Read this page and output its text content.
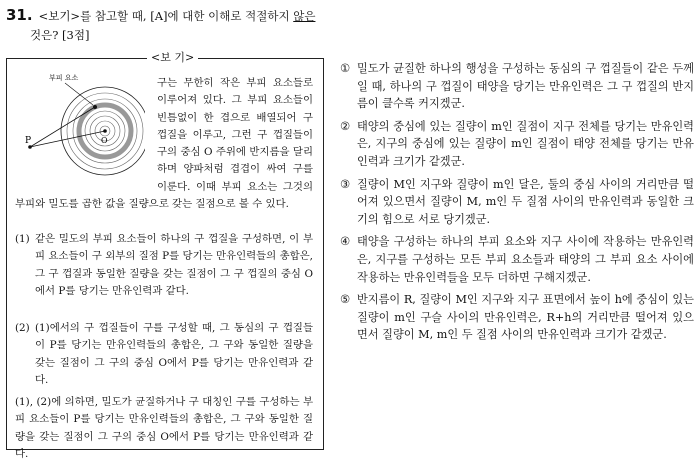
31. <보기>를 참고할 때, [A]에 대한 이해로 적절하지 않은
것은? [3점]
<보 기>
부피 요소
P	O

구는 무한히 작은 부피 요소들로 이루어져 있다. 그 부피 요소들이 빈틈없이 한 겹으로 배열되어 구 껍질을 이루고, 그런 구 껍질들이 구의 중심 O 주위에 반지름을 달리하며 양파처럼 겹겹이 싸여 구를 이룬다. 이때 부피 요소는 그것의 부피와 밀도를 곱한 값을 질량으로 갖는 질점으로 볼 수 있다.

(1) 같은 밀도의 부피 요소들이 하나의 구 껍질을 구성하면, 이 부피 요소들이 구 외부의 질점 P를 당기는 만유인력들의 총합은, 그 구 껍질과 동일한 질량을 갖는 질점이 그 구 껍질의 중심 O에서 P를 당기는 만유인력과 같다.
(2) (1)에서의 구 껍질들이 구를 구성할 때, 그 동심의 구 껍질들이 P를 당기는 만유인력들의 총합은, 그 구와 동일한 질량을 갖는 질점이 그 구의 중심 O에서 P를 당기는 만유인력과 같다.
(1), (2)에 의하면, 밀도가 균질하거나 구 대칭인 구를 구성하는 부피 요소들이 P를 당기는 만유인력들의 총합은, 그 구와 동일한 질량을 갖는 질점이 그 구의 중심 O에서 P를 당기는 만유인력과 같다.
① 밀도가 균질한 하나의 행성을 구성하는 동심의 구 껍질들이 같은 두께일 때, 하나의 구 껍질이 태양을 당기는 만유인력은 그 구 껍질의 반지름이 클수록 커지겠군.
② 태양의 중심에 있는 질량이 m인 질점이 지구 전체를 당기는 만유인력은, 지구의 중심에 있는 질량이 m인 질점이 태양 전체를 당기는 만유인력과 크기가 같겠군.
③ 질량이 M인 지구와 질량이 m인 달은, 둘의 중심 사이의 거리만큼 떨어져 있으면서 질량이 M, m인 두 질점 사이의 만유인력과 동일한 크기의 힘으로 서로 당기겠군.
④ 태양을 구성하는 하나의 부피 요소와 지구 사이에 작용하는 만유인력은, 지구를 구성하는 모든 부피 요소들과 태양의 그 부피 요소 사이에 작용하는 만유인력들을 모두 더하면 구해지겠군.
⑤ 반지름이 R, 질량이 M인 지구와 지구 표면에서 높이 h에 중심이 있는 질량이 m인 구슬 사이의 만유인력은, R+h의 거리만큼 떨어져 있으면서 질량이 M, m인 두 질점 사이의 만유인력과 크기가 같겠군.
